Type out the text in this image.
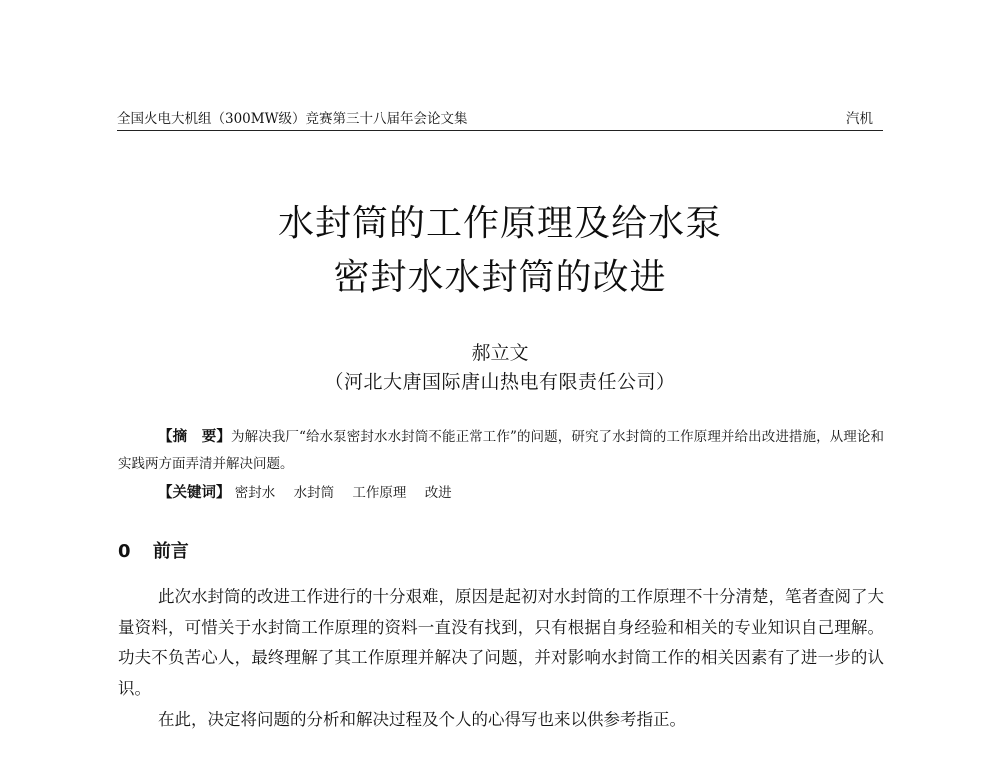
全国火电大机组（300MW级）竞赛第三十八届年会论文集	汽机
水封筒的工作原理及给水泵
密封水水封筒的改进
郝立文
（河北大唐国际唐山热电有限责任公司）
【摘　要】为解决我厂“给水泵密封水水封筒不能正常工作”的问题，研究了水封筒的工作原理并给出改进措施，从理论和实践两方面弄清并解决问题。
【关键词】 密封水 水封筒 工作原理 改进
0 前言
此次水封筒的改进工作进行的十分艰难，原因是起初对水封筒的工作原理不十分清楚，笔者查阅了大量资料，可惜关于水封筒工作原理的资料一直没有找到，只有根据自身经验和相关的专业知识自己理解。功夫不负苦心人，最终理解了其工作原理并解决了问题，并对影响水封筒工作的相关因素有了进一步的认识。
在此，决定将问题的分析和解决过程及个人的心得写也来以供参考指正。
